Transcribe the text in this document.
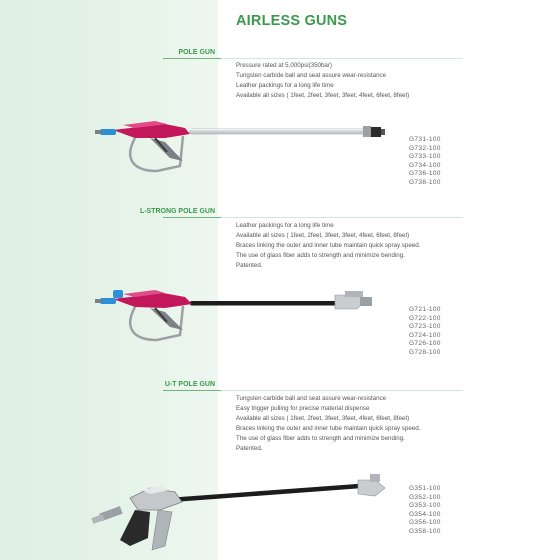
AIRLESS GUNS
POLE GUN
Pressure rated at 5,000psi(350bar)
Tungsten carbide ball and seat assure wear-resistance
Leather packings for a long life time
Available all sizes ( 1feet, 2feet, 3feet, 3feet, 4feet, 6feet, 8feet)
G731-100
G732-100
G733-100
G734-100
G736-100
G738-100
L-STRONG POLE GUN
Leather packings for a long life time
Available all sizes ( 1feet, 2feet, 3feet, 3feet, 4feet, 6feet, 8feet)
Braces linking the outer and inner tube maintain quick spray speed.
The use of glass fiber adds to strength and minimize bending.
Patented.
G721-100
G722-100
G723-100
G724-100
G726-100
G728-100
U-T POLE GUN
Tungsten carbide ball and seat assure wear-resistance
Easy trigger pulling for precise material dispense
Available all sizes ( 1feet, 2feet, 3feet, 3feet, 4feet, 6feet, 8feet)
Braces linking the outer and inner tube maintain quick spray speed.
The use of glass fiber adds to strength and minimize bending.
Patented.
G351-100
G352-100
G353-100
G354-100
G356-100
G358-100
